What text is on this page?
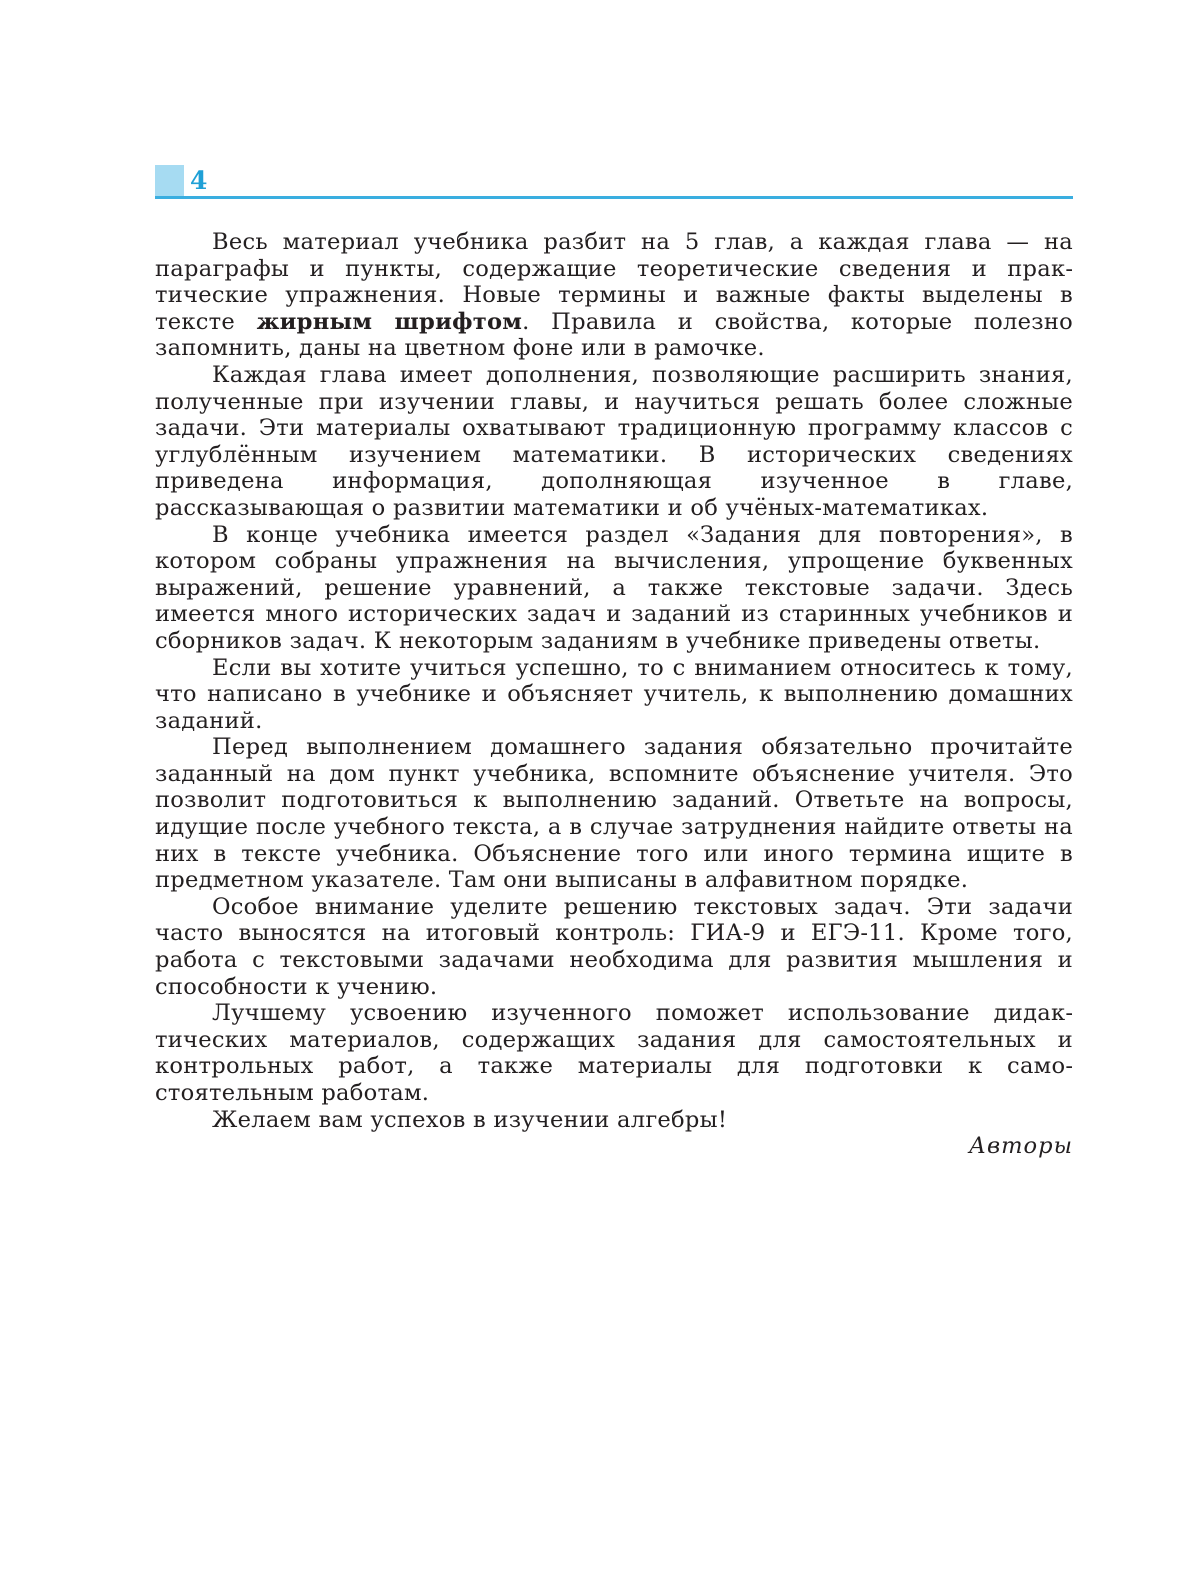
4

Весь материал учебника разбит на 5 глав, а каждая глава — на параграфы и пункты, содержащие теоретические сведения и практические упражнения. Новые термины и важные факты выделены в тексте жирным шрифтом. Правила и свойства, которые полезно запомнить, даны на цветном фоне или в рамочке.

Каждая глава имеет дополнения, позволяющие расширить знания, полученные при изучении главы, и научиться решать более сложные задачи. Эти материалы охватывают традиционную программу классов с углублённым изучением математики. В исторических сведениях приведена информация, дополняющая изученное в главе, рассказывающая о развитии математики и об учёных-математиках.

В конце учебника имеется раздел «Задания для повторения», в котором собраны упражнения на вычисления, упрощение буквенных выражений, решение уравнений, а также текстовые задачи. Здесь имеется много исторических задач и заданий из старинных учебников и сборников задач. К некоторым заданиям в учебнике приведены ответы.

Если вы хотите учиться успешно, то с вниманием относитесь к тому, что написано в учебнике и объясняет учитель, к выполнению домашних заданий.

Перед выполнением домашнего задания обязательно прочитайте заданный на дом пункт учебника, вспомните объяснение учителя. Это позволит подготовиться к выполнению заданий. Ответьте на вопросы, идущие после учебного текста, а в случае затруднения найдите ответы на них в тексте учебника. Объяснение того или иного термина ищите в предметном указателе. Там они выписаны в алфавитном порядке.

Особое внимание уделите решению текстовых задач. Эти задачи часто выносятся на итоговый контроль: ГИА-9 и ЕГЭ-11. Кроме того, работа с текстовыми задачами необходима для развития мышления и способности к учению.

Лучшему усвоению изученного поможет использование дидактических материалов, содержащих задания для самостоятельных и контрольных работ, а также материалы для подготовки к самостоятельным работам.

Желаем вам успехов в изучении алгебры!

Авторы
